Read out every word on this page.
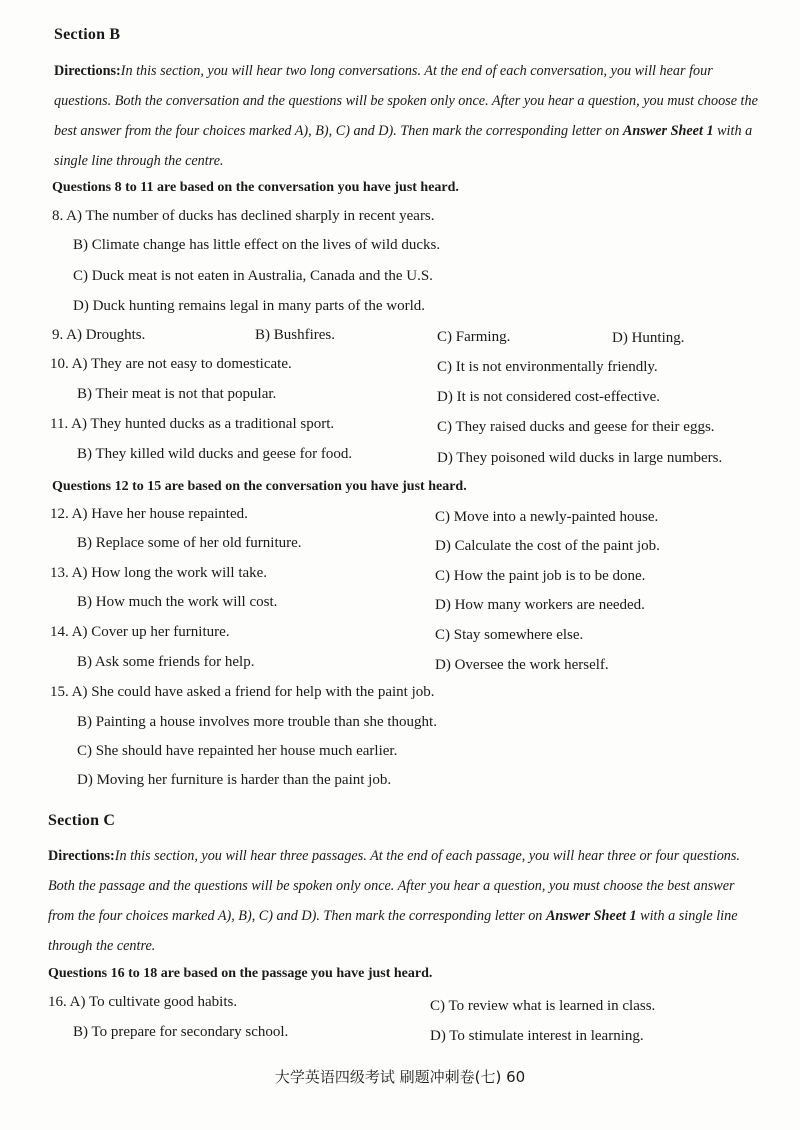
Section B
Directions:In this section, you will hear two long conversations. At the end of each conversation, you will hear four questions. Both the conversation and the questions will be spoken only once. After you hear a question, you must choose the best answer from the four choices marked A), B), C) and D). Then mark the corresponding letter on Answer Sheet 1 with a single line through the centre.
Questions 8 to 11 are based on the conversation you have just heard.
8. A) The number of ducks has declined sharply in recent years.
B) Climate change has little effect on the lives of wild ducks.
C) Duck meat is not eaten in Australia, Canada and the U.S.
D) Duck hunting remains legal in many parts of the world.
9. A) Droughts.	B) Bushfires.	C) Farming.	D) Hunting.
10. A) They are not easy to domesticate.	C) It is not environmentally friendly.
B) Their meat is not that popular.	D) It is not considered cost-effective.
11. A) They hunted ducks as a traditional sport.	C) They raised ducks and geese for their eggs.
B) They killed wild ducks and geese for food.	D) They poisoned wild ducks in large numbers.
Questions 12 to 15 are based on the conversation you have just heard.
12. A) Have her house repainted.	C) Move into a newly-painted house.
B) Replace some of her old furniture.	D) Calculate the cost of the paint job.
13. A) How long the work will take.	C) How the paint job is to be done.
B) How much the work will cost.	D) How many workers are needed.
14. A) Cover up her furniture.	C) Stay somewhere else.
B) Ask some friends for help.	D) Oversee the work herself.
15. A) She could have asked a friend for help with the paint job.
B) Painting a house involves more trouble than she thought.
C) She should have repainted her house much earlier.
D) Moving her furniture is harder than the paint job.
Section C
Directions:In this section, you will hear three passages. At the end of each passage, you will hear three or four questions. Both the passage and the questions will be spoken only once. After you hear a question, you must choose the best answer from the four choices marked A), B), C) and D). Then mark the corresponding letter on Answer Sheet 1 with a single line through the centre.
Questions 16 to 18 are based on the passage you have just heard.
16. A) To cultivate good habits.	C) To review what is learned in class.
B) To prepare for secondary school.	D) To stimulate interest in learning.
大学英语四级考试 刷题冲刺卷(七) 60
